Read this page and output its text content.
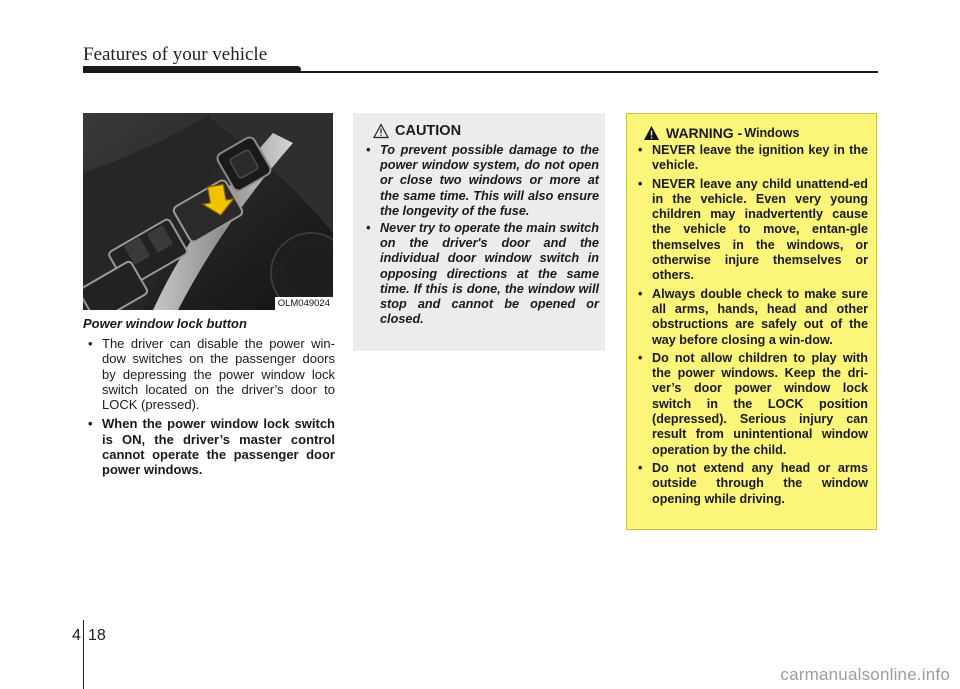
Features of your vehicle
OLM049024
Power window lock button
• The driver can disable the power win-dow switches on the passenger doors by depressing the power window lock switch located on the driver’s door to LOCK (pressed).
• When the power window lock switch is ON, the driver’s master control cannot operate the passenger door power windows.
CAUTION
• To prevent possible damage to the power window system, do not open or close two windows or more at the same time. This will also ensure the longevity of the fuse.
• Never try to operate the main switch on the driver's door and the individual door window switch in opposing directions at the same time. If this is done, the window will stop and cannot be opened or closed.
WARNING - Windows
• NEVER leave the ignition key in the vehicle.
• NEVER leave any child unattend-ed in the vehicle. Even very young children may inadvertently cause the vehicle to move, entan-gle themselves in the windows, or otherwise injure themselves or others.
• Always double check to make sure all arms, hands, head and other obstructions are safely out of the way before closing a win-dow.
• Do not allow children to play with the power windows. Keep the dri-ver’s door power window lock switch in the LOCK position (depressed). Serious injury can result from unintentional window operation by the child.
• Do not extend any head or arms outside through the window opening while driving.
4 18
carmanualsonline.info
